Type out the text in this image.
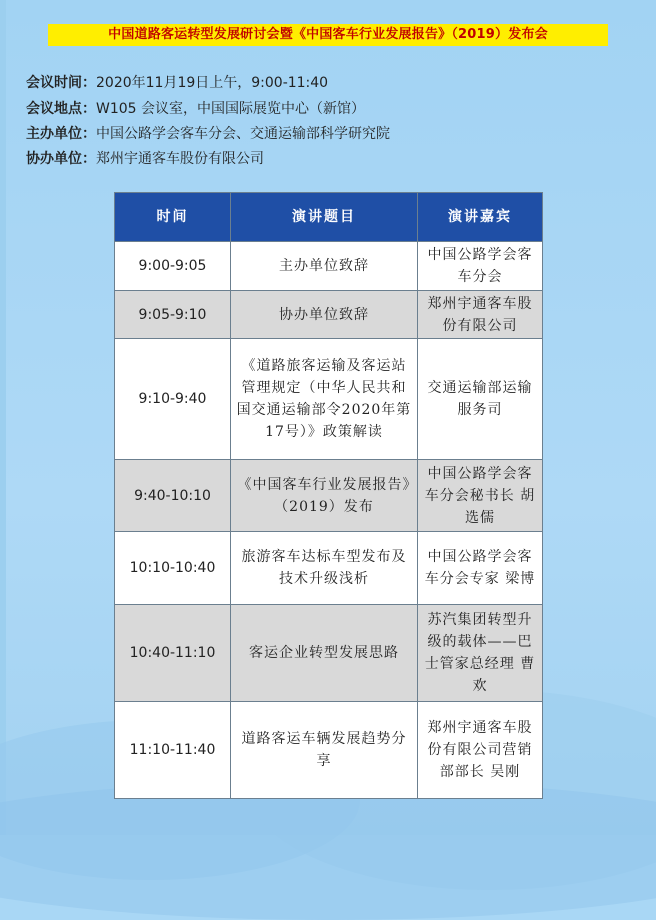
中国道路客运转型发展研讨会暨《中国客车行业发展报告》（2019）发布会
会议时间：2020年11月19日上午，9:00-11:40
会议地点：W105 会议室，中国国际展览中心（新馆）
主办单位：中国公路学会客车分会、交通运输部科学研究院
协办单位：郑州宇通客车股份有限公司
时间	演讲题目	演讲嘉宾
9:00-9:05	主办单位致辞	中国公路学会客车分会
9:05-9:10	协办单位致辞	郑州宇通客车股份有限公司
9:10-9:40	《道路旅客运输及客运站管理规定（中华人民共和国交通运输部令2020年第17号）》政策解读	交通运输部运输服务司
9:40-10:10	《中国客车行业发展报告》（2019）发布	中国公路学会客车分会秘书长 胡选儒
10:10-10:40	旅游客车达标车型发布及技术升级浅析	中国公路学会客车分会专家 梁博
10:40-11:10	客运企业转型发展思路	苏汽集团转型升级的载体——巴士管家总经理 曹欢
11:10-11:40	道路客运车辆发展趋势分享	郑州宇通客车股份有限公司营销部部长 吴刚
